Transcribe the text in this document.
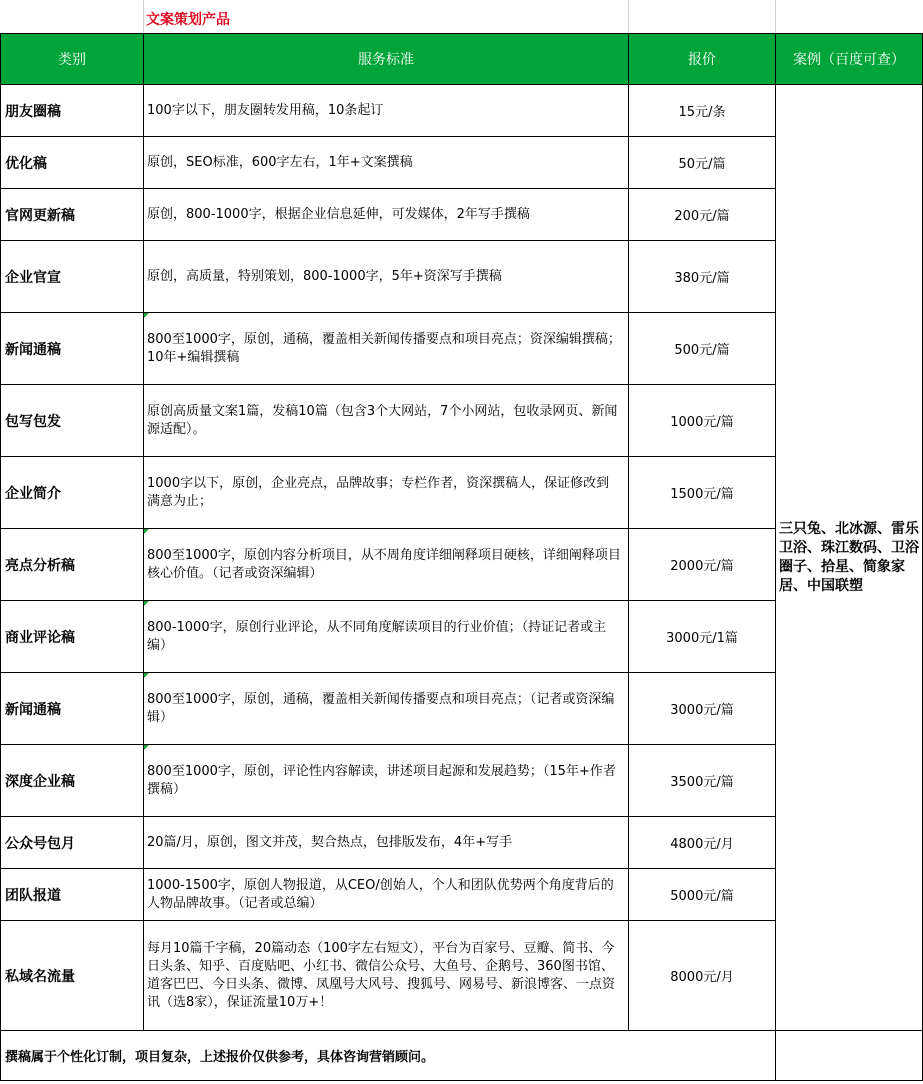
文案策划产品
类别	服务标准	报价	案例（百度可查）
朋友圈稿	100字以下，朋友圈转发用稿，10条起订	15元/条	三只兔、北冰源、雷乐卫浴、珠江数码、卫浴圈子、拾星、简象家居、中国联塑
优化稿	原创，SEO标准，600字左右，1年+文案撰稿	50元/篇	
官网更新稿	原创，800-1000字，根据企业信息延伸，可发媒体，2年写手撰稿	200元/篇	
企业官宣	原创，高质量，特别策划，800-1000字，5年+资深写手撰稿	380元/篇	
新闻通稿	800至1000字，原创，通稿，覆盖相关新闻传播要点和项目亮点；资深编辑撰稿；10年+编辑撰稿	500元/篇	
包写包发	原创高质量文案1篇，发稿10篇（包含3个大网站，7个小网站，包收录网页、新闻源适配）。	1000元/篇	
企业简介	1000字以下，原创，企业亮点，品牌故事；专栏作者，资深撰稿人，保证修改到满意为止；	1500元/篇	
亮点分析稿	800至1000字，原创内容分析项目，从不周角度详细阐释项目硬核，详细阐释项目核心价值。（记者或资深编辑）	2000元/篇	
商业评论稿	800-1000字，原创行业评论，从不同角度解读项目的行业价值；（持证记者或主编）	3000元/1篇	
新闻通稿	800至1000字，原创，通稿，覆盖相关新闻传播要点和项目亮点；（记者或资深编辑）	3000元/篇	
深度企业稿	800至1000字，原创，评论性内容解读，讲述项目起源和发展趋势；（15年+作者撰稿）	3500元/篇	
公众号包月	20篇/月，原创，图文并茂，契合热点，包排版发布，4年+写手	4800元/月	
团队报道	1000-1500字，原创人物报道，从CEO/创始人，个人和团队优势两个角度背后的人物品牌故事。（记者或总编）	5000元/篇	
私域名流量	每月10篇千字稿，20篇动态（100字左右短文），平台为百家号、豆瓣、简书、今日头条、知乎、百度贴吧、小红书、微信公众号、大鱼号、企鹅号、360图书馆、道客巴巴、今日头条、微博、凤凰号大风号、搜狐号、网易号、新浪博客、一点资讯（选8家），保证流量10万+！	8000元/月	
撰稿属于个性化订制，项目复杂，上述报价仅供参考，具体咨询营销顾问。			
